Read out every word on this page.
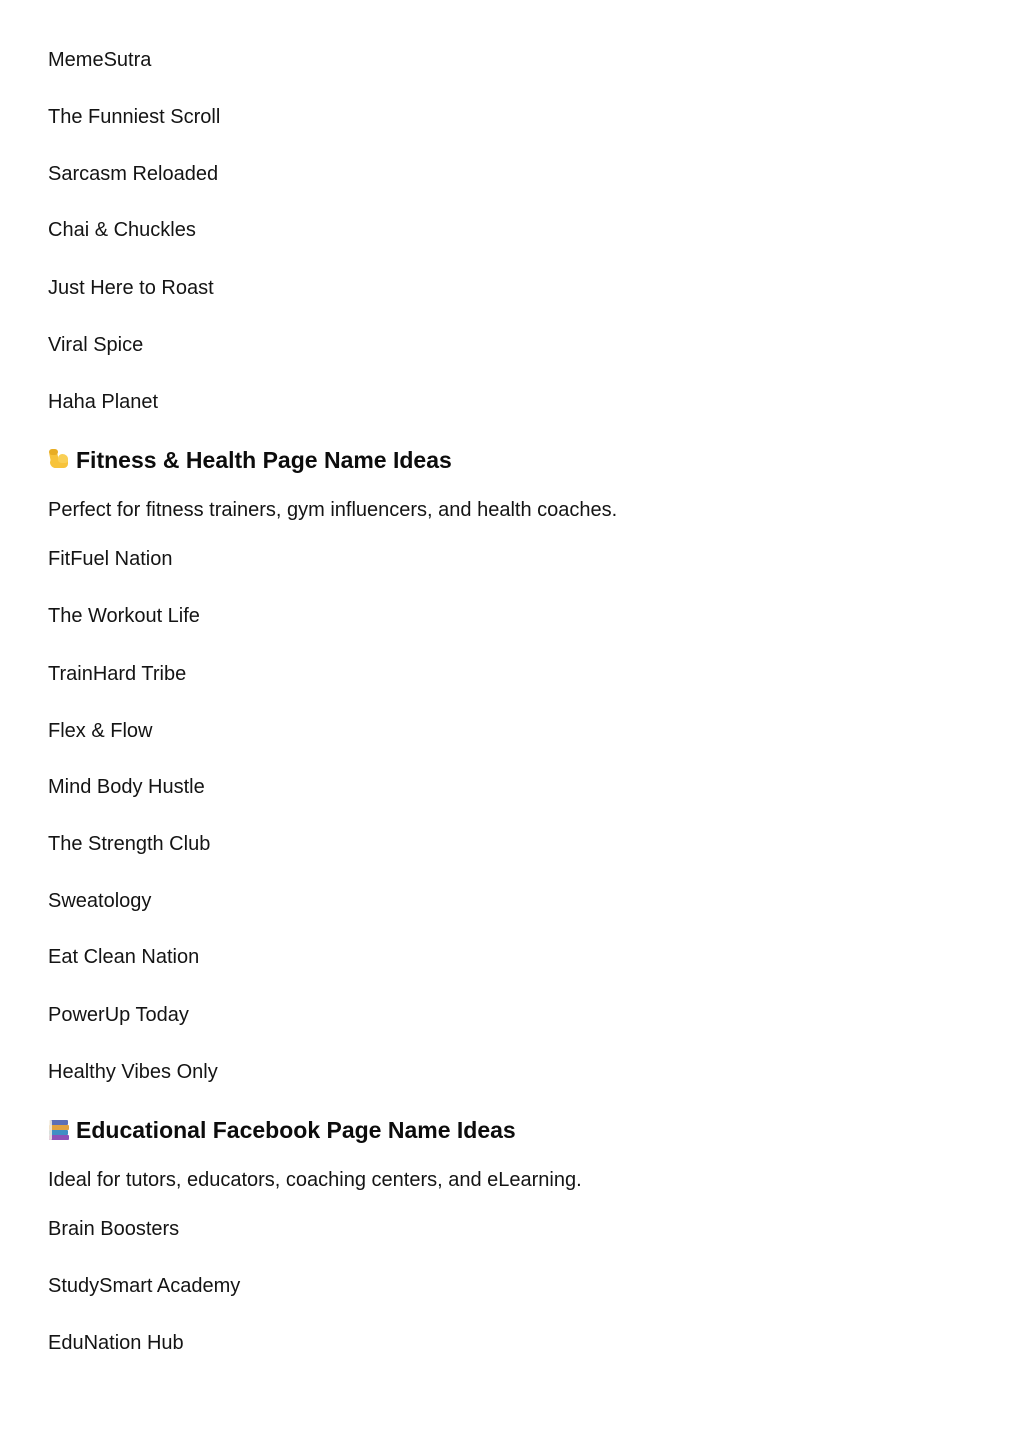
MemeSutra
The Funniest Scroll
Sarcasm Reloaded
Chai & Chuckles
Just Here to Roast
Viral Spice
Haha Planet
Fitness & Health Page Name Ideas
Perfect for fitness trainers, gym influencers, and health coaches.
FitFuel Nation
The Workout Life
TrainHard Tribe
Flex & Flow
Mind Body Hustle
The Strength Club
Sweatology
Eat Clean Nation
PowerUp Today
Healthy Vibes Only
Educational Facebook Page Name Ideas
Ideal for tutors, educators, coaching centers, and eLearning.
Brain Boosters
StudySmart Academy
EduNation Hub
